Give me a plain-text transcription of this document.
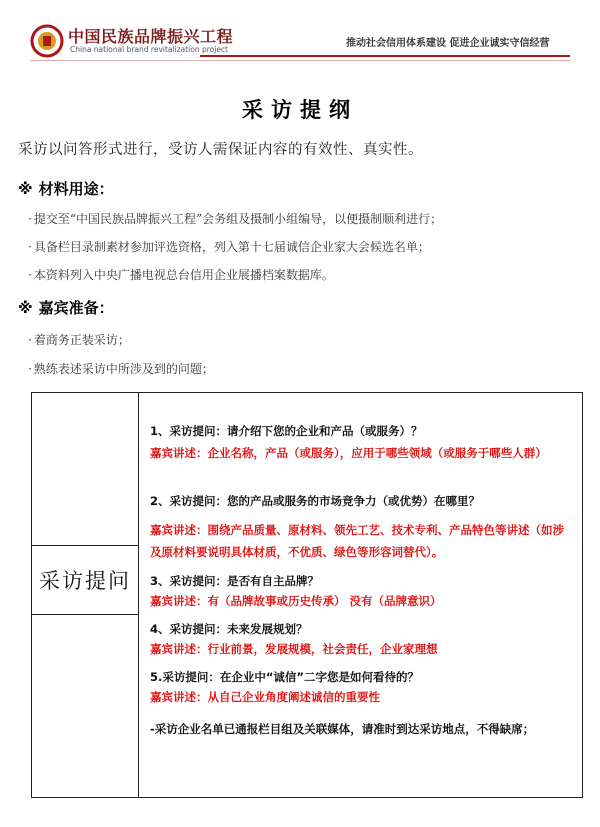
中国民族品牌振兴工程
China national brand revitalization project
推动社会信用体系建设 促进企业诚实守信经营
采访提纲
采访以问答形式进行，受访人需保证内容的有效性、真实性。
※ 材料用途：
· 提交至“中国民族品牌振兴工程”会务组及摄制小组编导，以便摄制顺利进行；
· 具备栏目录制素材参加评选资格，列入第十七届诚信企业家大会候选名单；
· 本资料列入中央广播电视总台信用企业展播档案数据库。
※ 嘉宾准备：
· 着商务正装采访；
· 熟练表述采访中所涉及到的问题；
采访提问
1、采访提问：请介绍下您的企业和产品（或服务）？
嘉宾讲述：企业名称，产品（或服务），应用于哪些领域（或服务于哪些人群）
2、采访提问：您的产品或服务的市场竞争力（或优势）在哪里？
嘉宾讲述：围绕产品质量、原材料、领先工艺、技术专利、产品特色等讲述（如涉及原材料要说明具体材质，不优质、绿色等形容词替代）。
3、采访提问：是否有自主品牌？
嘉宾讲述：有（品牌故事或历史传承） 没有（品牌意识）
4、采访提问：未来发展规划？
嘉宾讲述：行业前景，发展规模，社会责任，企业家理想
5.采访提问：在企业中“诚信”二字您是如何看待的？
嘉宾讲述：从自己企业角度阐述诚信的重要性
-采访企业名单已通报栏目组及关联媒体，请准时到达采访地点，不得缺席；
